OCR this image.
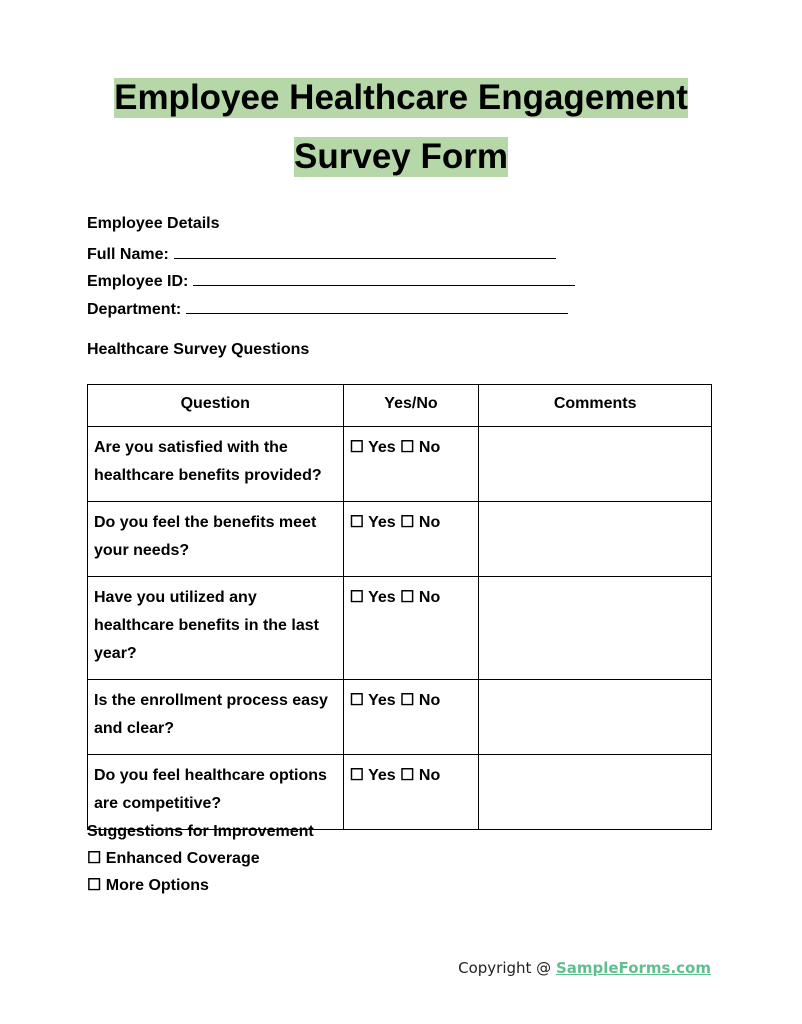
Employee Healthcare Engagement
Survey Form
Employee Details
Full Name:
Employee ID:
Department:
Healthcare Survey Questions
Question	Yes/No	Comments
Are you satisfied with the healthcare benefits provided?	☐ Yes ☐ No	
Do you feel the benefits meet your needs?	☐ Yes ☐ No	
Have you utilized any healthcare benefits in the last year?	☐ Yes ☐ No	
Is the enrollment process easy and clear?	☐ Yes ☐ No	
Do you feel healthcare options are competitive?	☐ Yes ☐ No	
Suggestions for Improvement
☐ Enhanced Coverage
☐ More Options
Copyright @ SampleForms.com
